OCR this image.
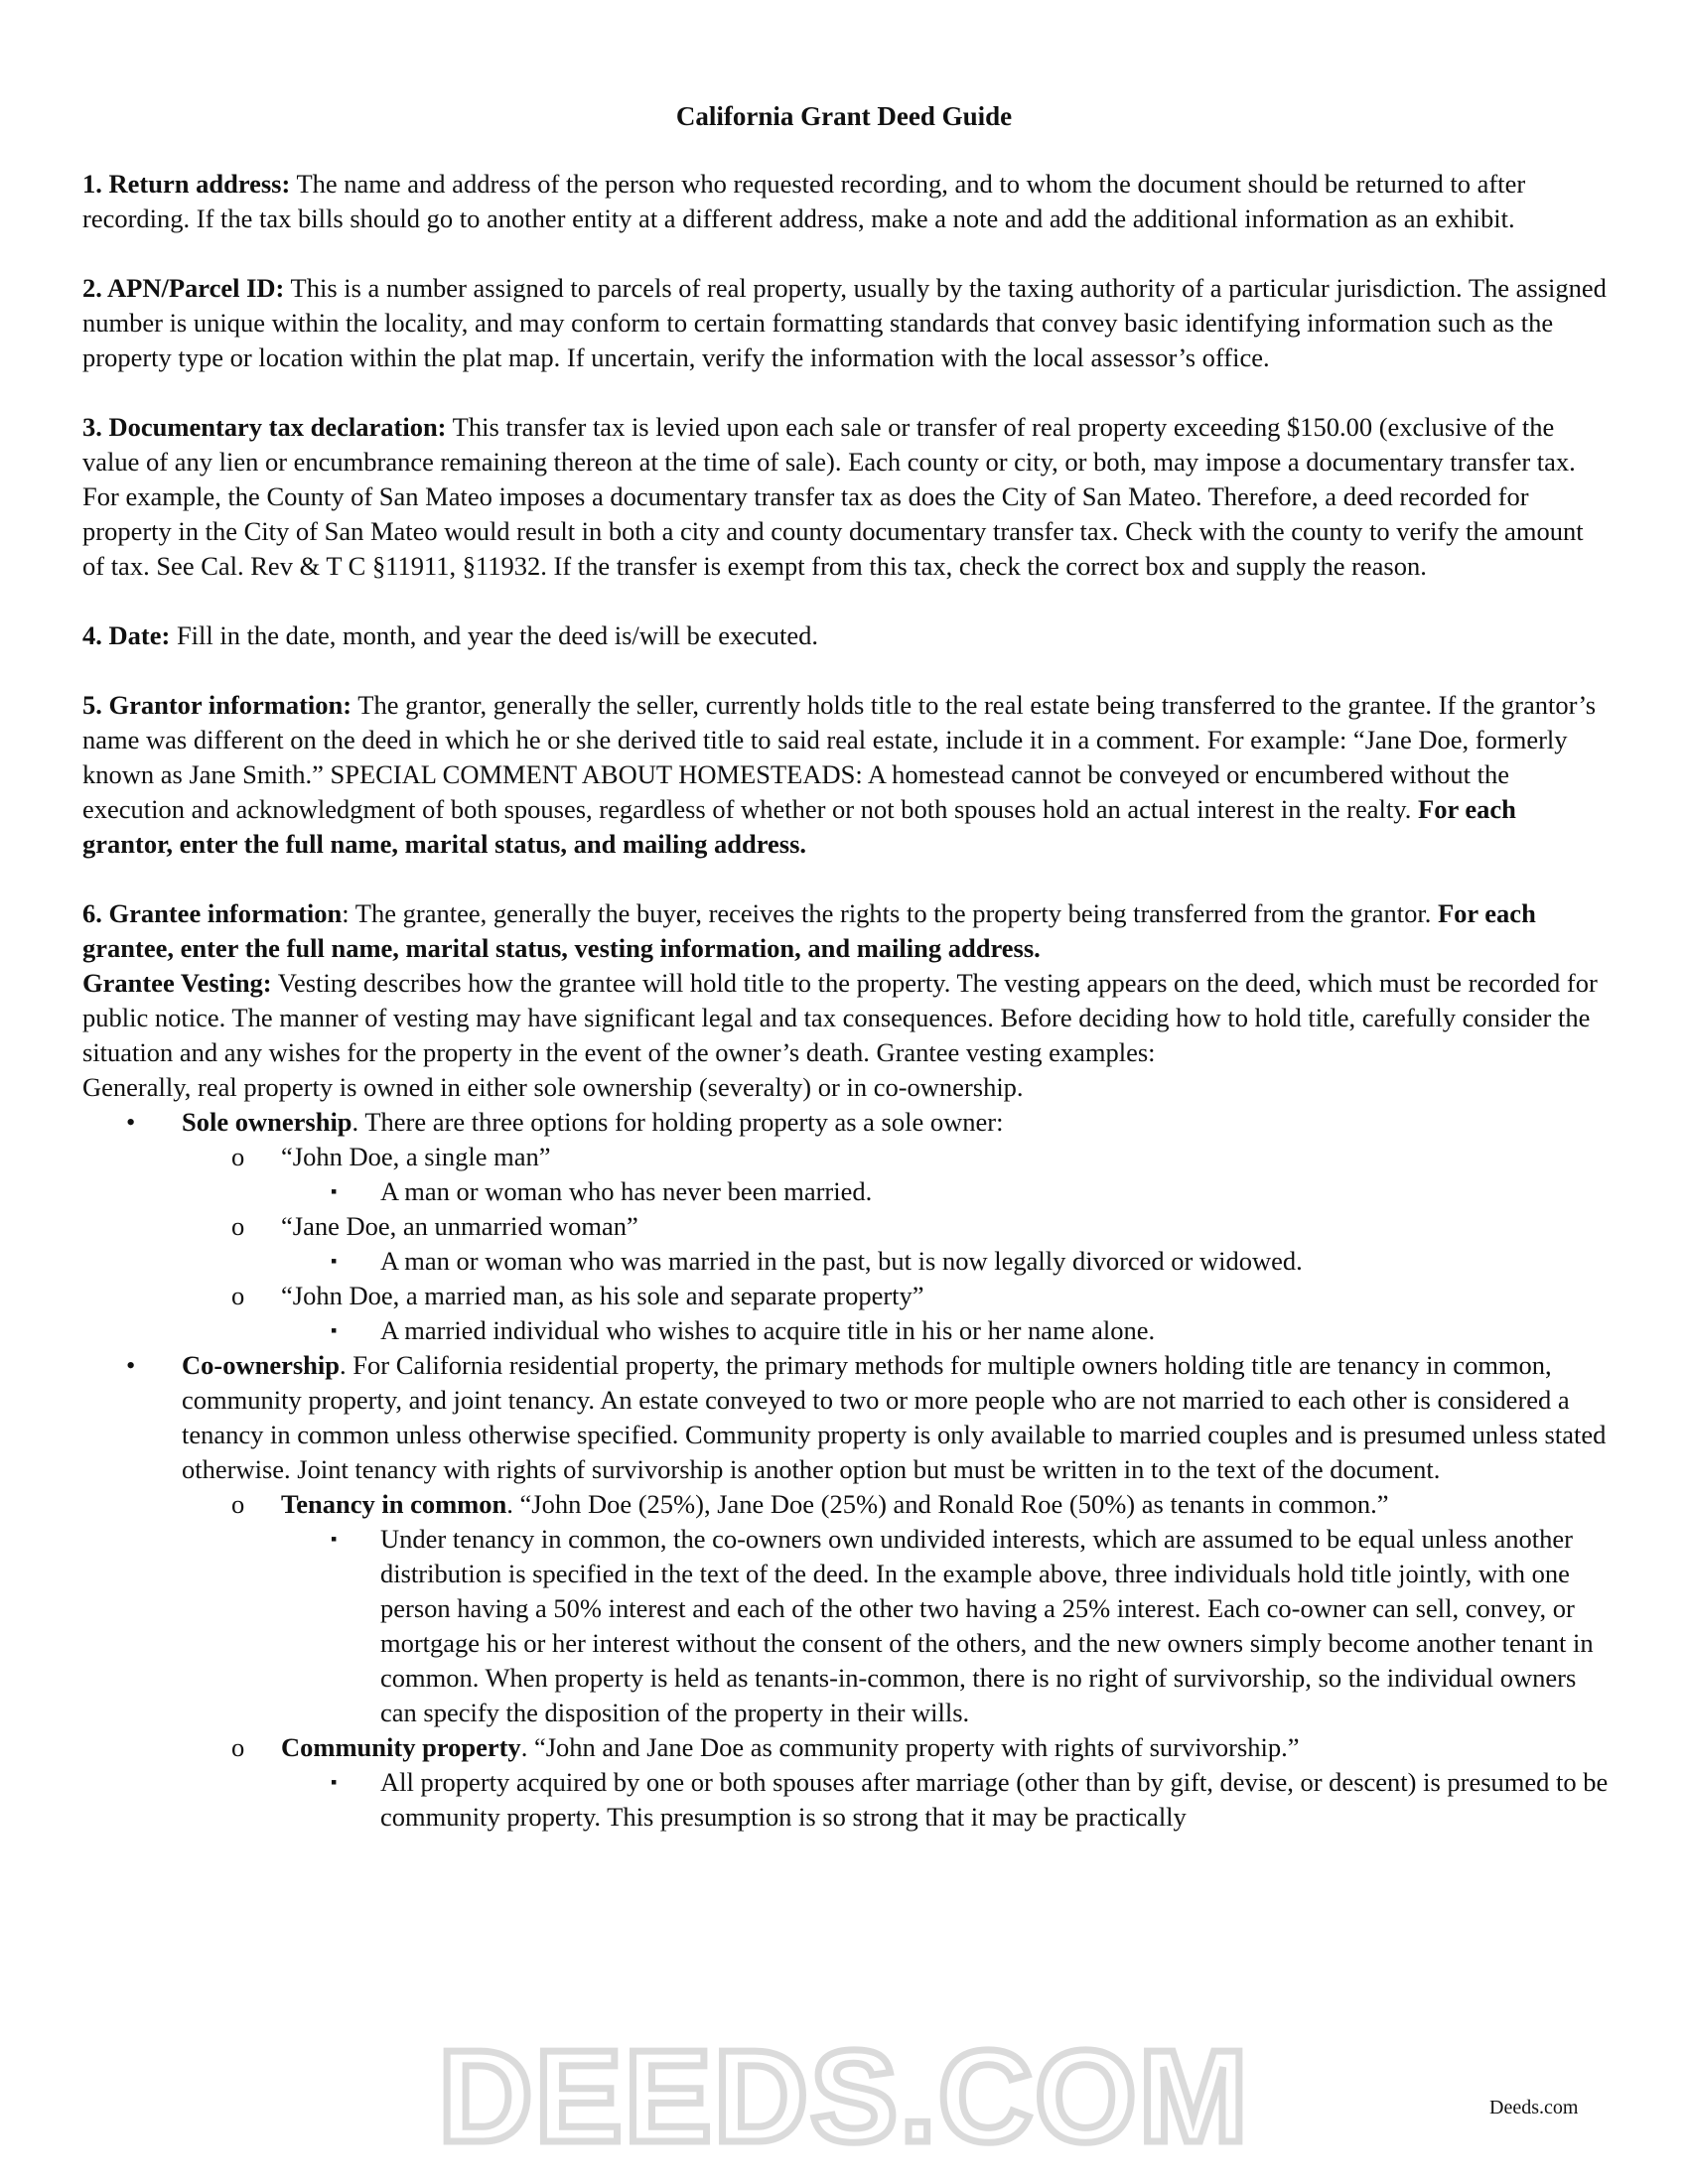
California Grant Deed Guide

1. Return address: The name and address of the person who requested recording, and to whom the document should be returned to after recording. If the tax bills should go to another entity at a different address, make a note and add the additional information as an exhibit.

2. APN/Parcel ID: This is a number assigned to parcels of real property, usually by the taxing authority of a particular jurisdiction. The assigned number is unique within the locality, and may conform to certain formatting standards that convey basic identifying information such as the property type or location within the plat map. If uncertain, verify the information with the local assessor’s office.

3. Documentary tax declaration: This transfer tax is levied upon each sale or transfer of real property exceeding $150.00 (exclusive of the value of any lien or encumbrance remaining thereon at the time of sale). Each county or city, or both, may impose a documentary transfer tax. For example, the County of San Mateo imposes a documentary transfer tax as does the City of San Mateo. Therefore, a deed recorded for property in the City of San Mateo would result in both a city and county documentary transfer tax. Check with the county to verify the amount of tax. See Cal. Rev & T C §11911, §11932. If the transfer is exempt from this tax, check the correct box and supply the reason.

4. Date: Fill in the date, month, and year the deed is/will be executed.

5. Grantor information: The grantor, generally the seller, currently holds title to the real estate being transferred to the grantee. If the grantor’s name was different on the deed in which he or she derived title to said real estate, include it in a comment. For example: “Jane Doe, formerly known as Jane Smith.” SPECIAL COMMENT ABOUT HOMESTEADS: A homestead cannot be conveyed or encumbered without the execution and acknowledgment of both spouses, regardless of whether or not both spouses hold an actual interest in the realty. For each grantor, enter the full name, marital status, and mailing address.

6. Grantee information: The grantee, generally the buyer, receives the rights to the property being transferred from the grantor. For each grantee, enter the full name, marital status, vesting information, and mailing address.

Grantee Vesting: Vesting describes how the grantee will hold title to the property. The vesting appears on the deed, which must be recorded for public notice. The manner of vesting may have significant legal and tax consequences. Before deciding how to hold title, carefully consider the situation and any wishes for the property in the event of the owner’s death. Grantee vesting examples:

Generally, real property is owned in either sole ownership (severalty) or in co-ownership.

• Sole ownership. There are three options for holding property as a sole owner:
o “John Doe, a single man”
▪ A man or woman who has never been married.
o “Jane Doe, an unmarried woman”
▪ A man or woman who was married in the past, but is now legally divorced or widowed.
o “John Doe, a married man, as his sole and separate property”
▪ A married individual who wishes to acquire title in his or her name alone.
• Co-ownership. For California residential property, the primary methods for multiple owners holding title are tenancy in common, community property, and joint tenancy. An estate conveyed to two or more people who are not married to each other is considered a tenancy in common unless otherwise specified. Community property is only available to married couples and is presumed unless stated otherwise. Joint tenancy with rights of survivorship is another option but must be written in to the text of the document.
o Tenancy in common. “John Doe (25%), Jane Doe (25%) and Ronald Roe (50%) as tenants in common.”
▪ Under tenancy in common, the co-owners own undivided interests, which are assumed to be equal unless another distribution is specified in the text of the deed. In the example above, three individuals hold title jointly, with one person having a 50% interest and each of the other two having a 25% interest. Each co-owner can sell, convey, or mortgage his or her interest without the consent of the others, and the new owners simply become another tenant in common. When property is held as tenants-in-common, there is no right of survivorship, so the individual owners can specify the disposition of the property in their wills.
o Community property. “John and Jane Doe as community property with rights of survivorship.”
▪ All property acquired by one or both spouses after marriage (other than by gift, devise, or descent) is presumed to be community property. This presumption is so strong that it may be practically
DEEDS.COM	Deeds.com
